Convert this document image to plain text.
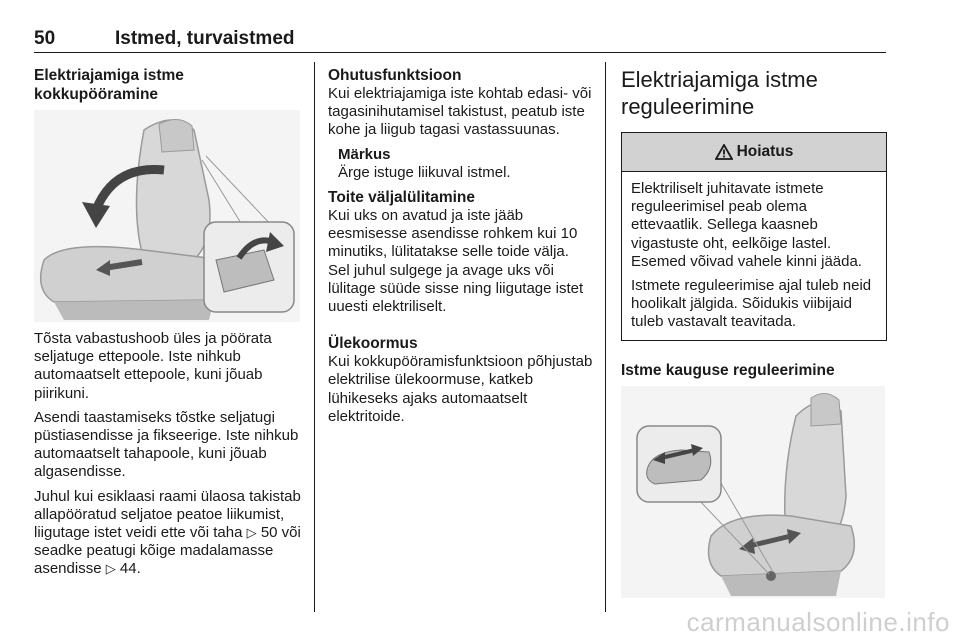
50	Istmed, turvaistmed
Elektriajamiga istme kokkupööramine

Tõsta vabastushoob üles ja pöörata seljatuge ettepoole. Iste nihkub automaatselt ettepoole, kuni jõuab piirikuni.

Asendi taastamiseks tõstke seljatugi püstiasendisse ja fikseerige. Iste nihkub automaatselt tahapoole, kuni jõuab algasendisse.

Juhul kui esiklaasi raami ülaosa takistab allapööratud seljatoe peatoe liikumist, liigutage istet veidi ette või taha ▷ 50 või seadke peatugi kõige madalamasse asendisse ▷ 44.

Ohutusfunktsioon

Kui elektriajamiga iste kohtab edasi- või tagasinihutamisel takistust, peatub iste kohe ja liigub tagasi vastassuunas.

Märkus

Ärge istuge liikuval istmel.

Toite väljalülitamine

Kui uks on avatud ja iste jääb eesmisesse asendisse rohkem kui 10 minutiks, lülitatakse selle toide välja. Sel juhul sulgege ja avage uks või lülitage süüde sisse ning liigutage istet uuesti elektriliselt.

Ülekoormus

Kui kokkupööramisfunktsioon põhjustab elektrilise ülekoormuse, katkeb lühikeseks ajaks automaatselt elektritoide.

Elektriajamiga istme reguleerimine
Hoiatus

Elektriliselt juhitavate istmete reguleerimisel peab olema ettevaatlik. Sellega kaasneb vigastuste oht, eelkõige lastel. Esemed võivad vahele kinni jääda.

Istmete reguleerimise ajal tuleb neid hoolikalt jälgida. Sõidukis viibijaid tuleb vastavalt teavitada.

Istme kauguse reguleerimine
carmanualsonline.info
